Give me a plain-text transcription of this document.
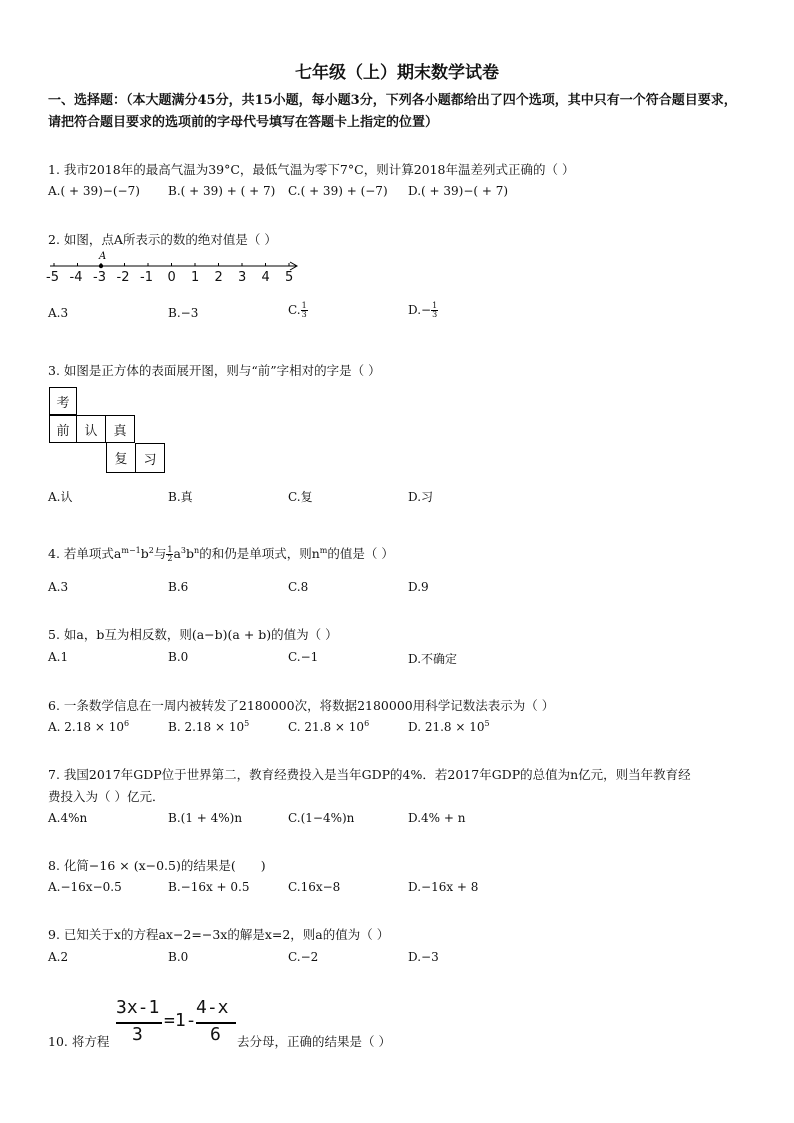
七年级（上）期末数学试卷
一、选择题：（本大题满分45分，共15小题，每小题3分，下列各小题都给出了四个选项，其中只有一个符合题目要求，请把符合题目要求的选项前的字母代号填写在答题卡上指定的位置）
1. 我市2018年的最高气温为39°C，最低气温为零下7°C，则计算2018年温差列式正确的（ ）
A.( + 39)−(−7) B.( + 39) + ( + 7) C.( + 39) + (−7) D.( + 39)−( + 7)
2. 如图，点A所表示的数的绝对值是（ ）
A
-5 -4 -3 -2 -1 0 1 2 3 4 5
A.3	B.−3	C. $\frac{1}{3}$	$D.- \frac{1}{3}$
3. 如图是正方体的表面展开图，则与“前”字相对的字是（ ）
考
前	认	真
复	习
A.认	B.真	C.复	D.习
4. 若单项式$a^{m-1}b^2$与 $\frac{1}{2} a^3b^n$的和仍是单项式，则$n^m$的值是（ ）
A.3	B.6	C.8	D.9
5. 如a，b互为相反数，则(a−b)(a + b)的值为（ ）
A.1	B.0	C.−1	D.不确定
6. 一条数学信息在一周内被转发了2180000次，将数据2180000用科学记数法表示为（ ）
A. $2.18 \times 10^6$	B. $2.18 \times 10^5$	C. $21.8 \times 10^6$	D. $21.8 \times 10^5$
7. 我国2017年GDP位于世界第二，教育经费投入是当年GDP的4%．若2017年GDP的总值为n亿元，则当年教育经
费投入为（ ）亿元．
A.4%n	B.(1 + 4%)n	C.(1−4%)n	D.4% + n
8. 化简−16 × (x−0.5)的结果是(　　)
A.−16x−0.5	B.−16x + 0.5	C.16x−8	D.−16x + 8
9. 已知关于x的方程ax−2=−3x的解是x=2，则a的值为（ ）
A.2	B.0	C.−2	D.−3
10. 将方程
3x-1
3
=1-
4-x
6 去分母，正确的结果是（ ）
